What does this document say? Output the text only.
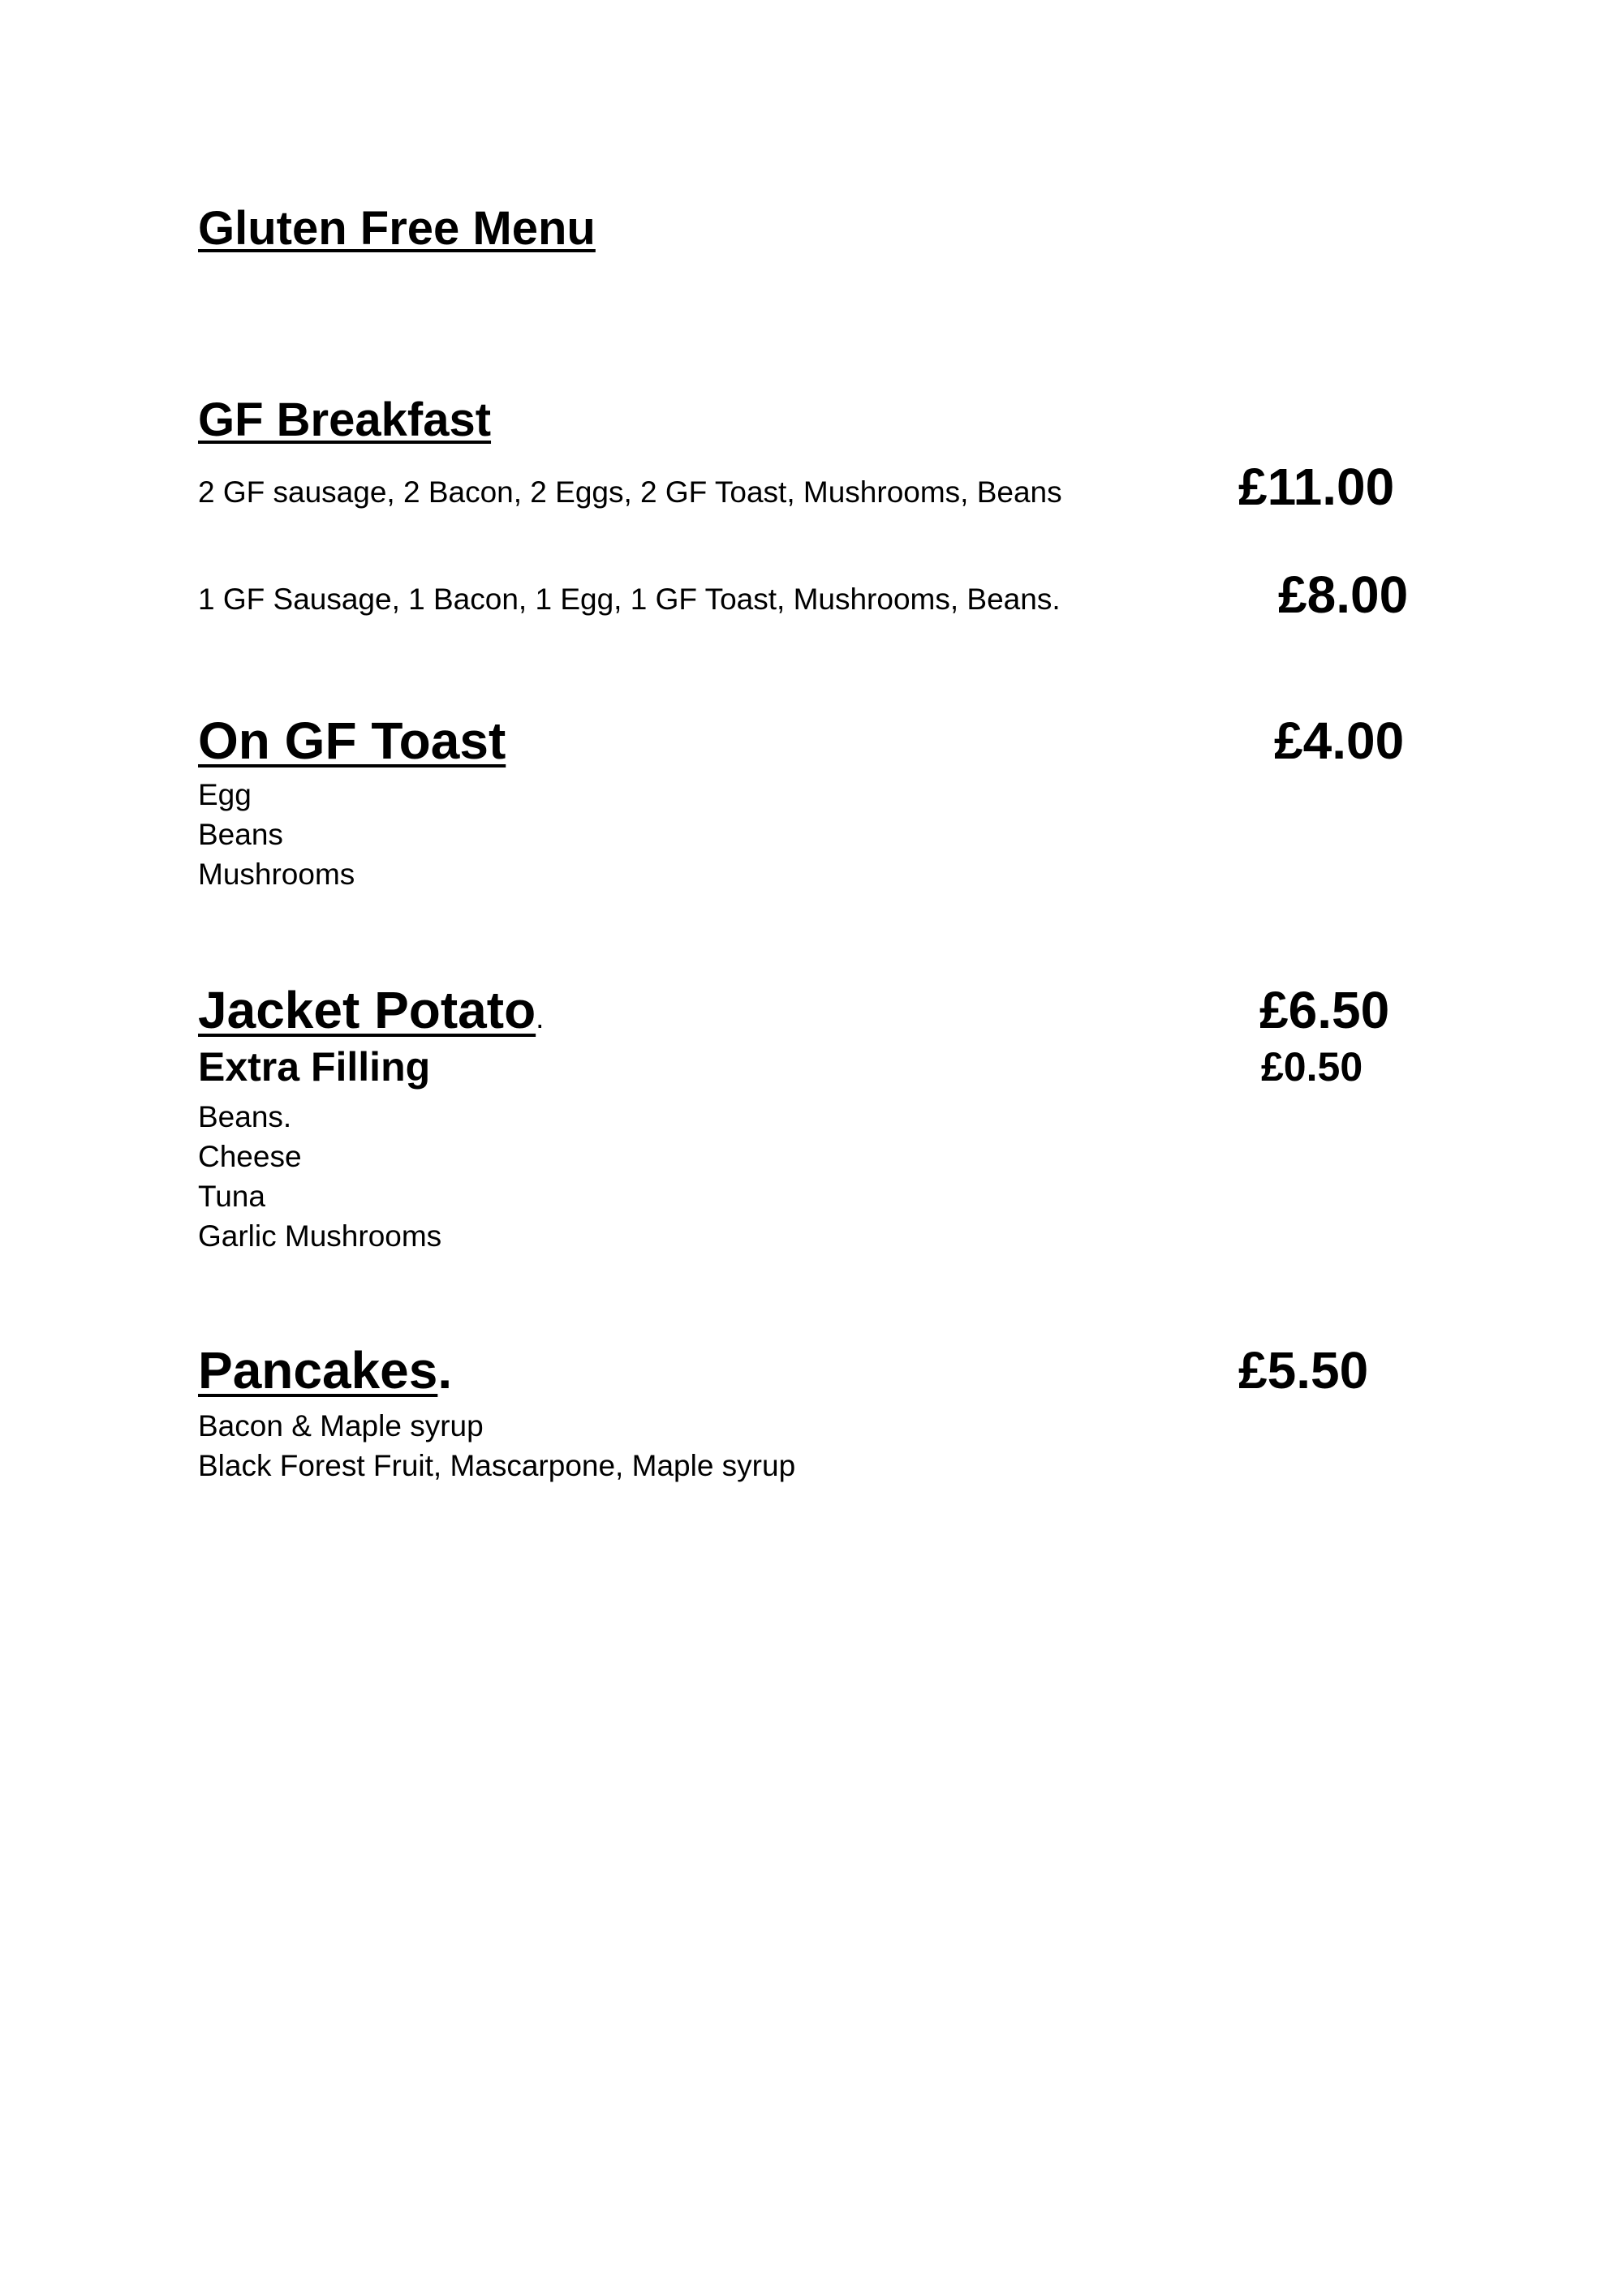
Gluten Free Menu
GF Breakfast
2 GF sausage, 2 Bacon, 2 Eggs, 2 GF Toast, Mushrooms, Beans	£11.00
1 GF Sausage, 1 Bacon, 1 Egg, 1 GF Toast, Mushrooms, Beans.	£8.00
On GF Toast	£4.00
Egg
Beans
Mushrooms
Jacket Potato.	£6.50
Extra Filling	£0.50
Beans.
Cheese
Tuna
Garlic Mushrooms
Pancakes.	£5.50
Bacon & Maple syrup
Black Forest Fruit, Mascarpone, Maple syrup
